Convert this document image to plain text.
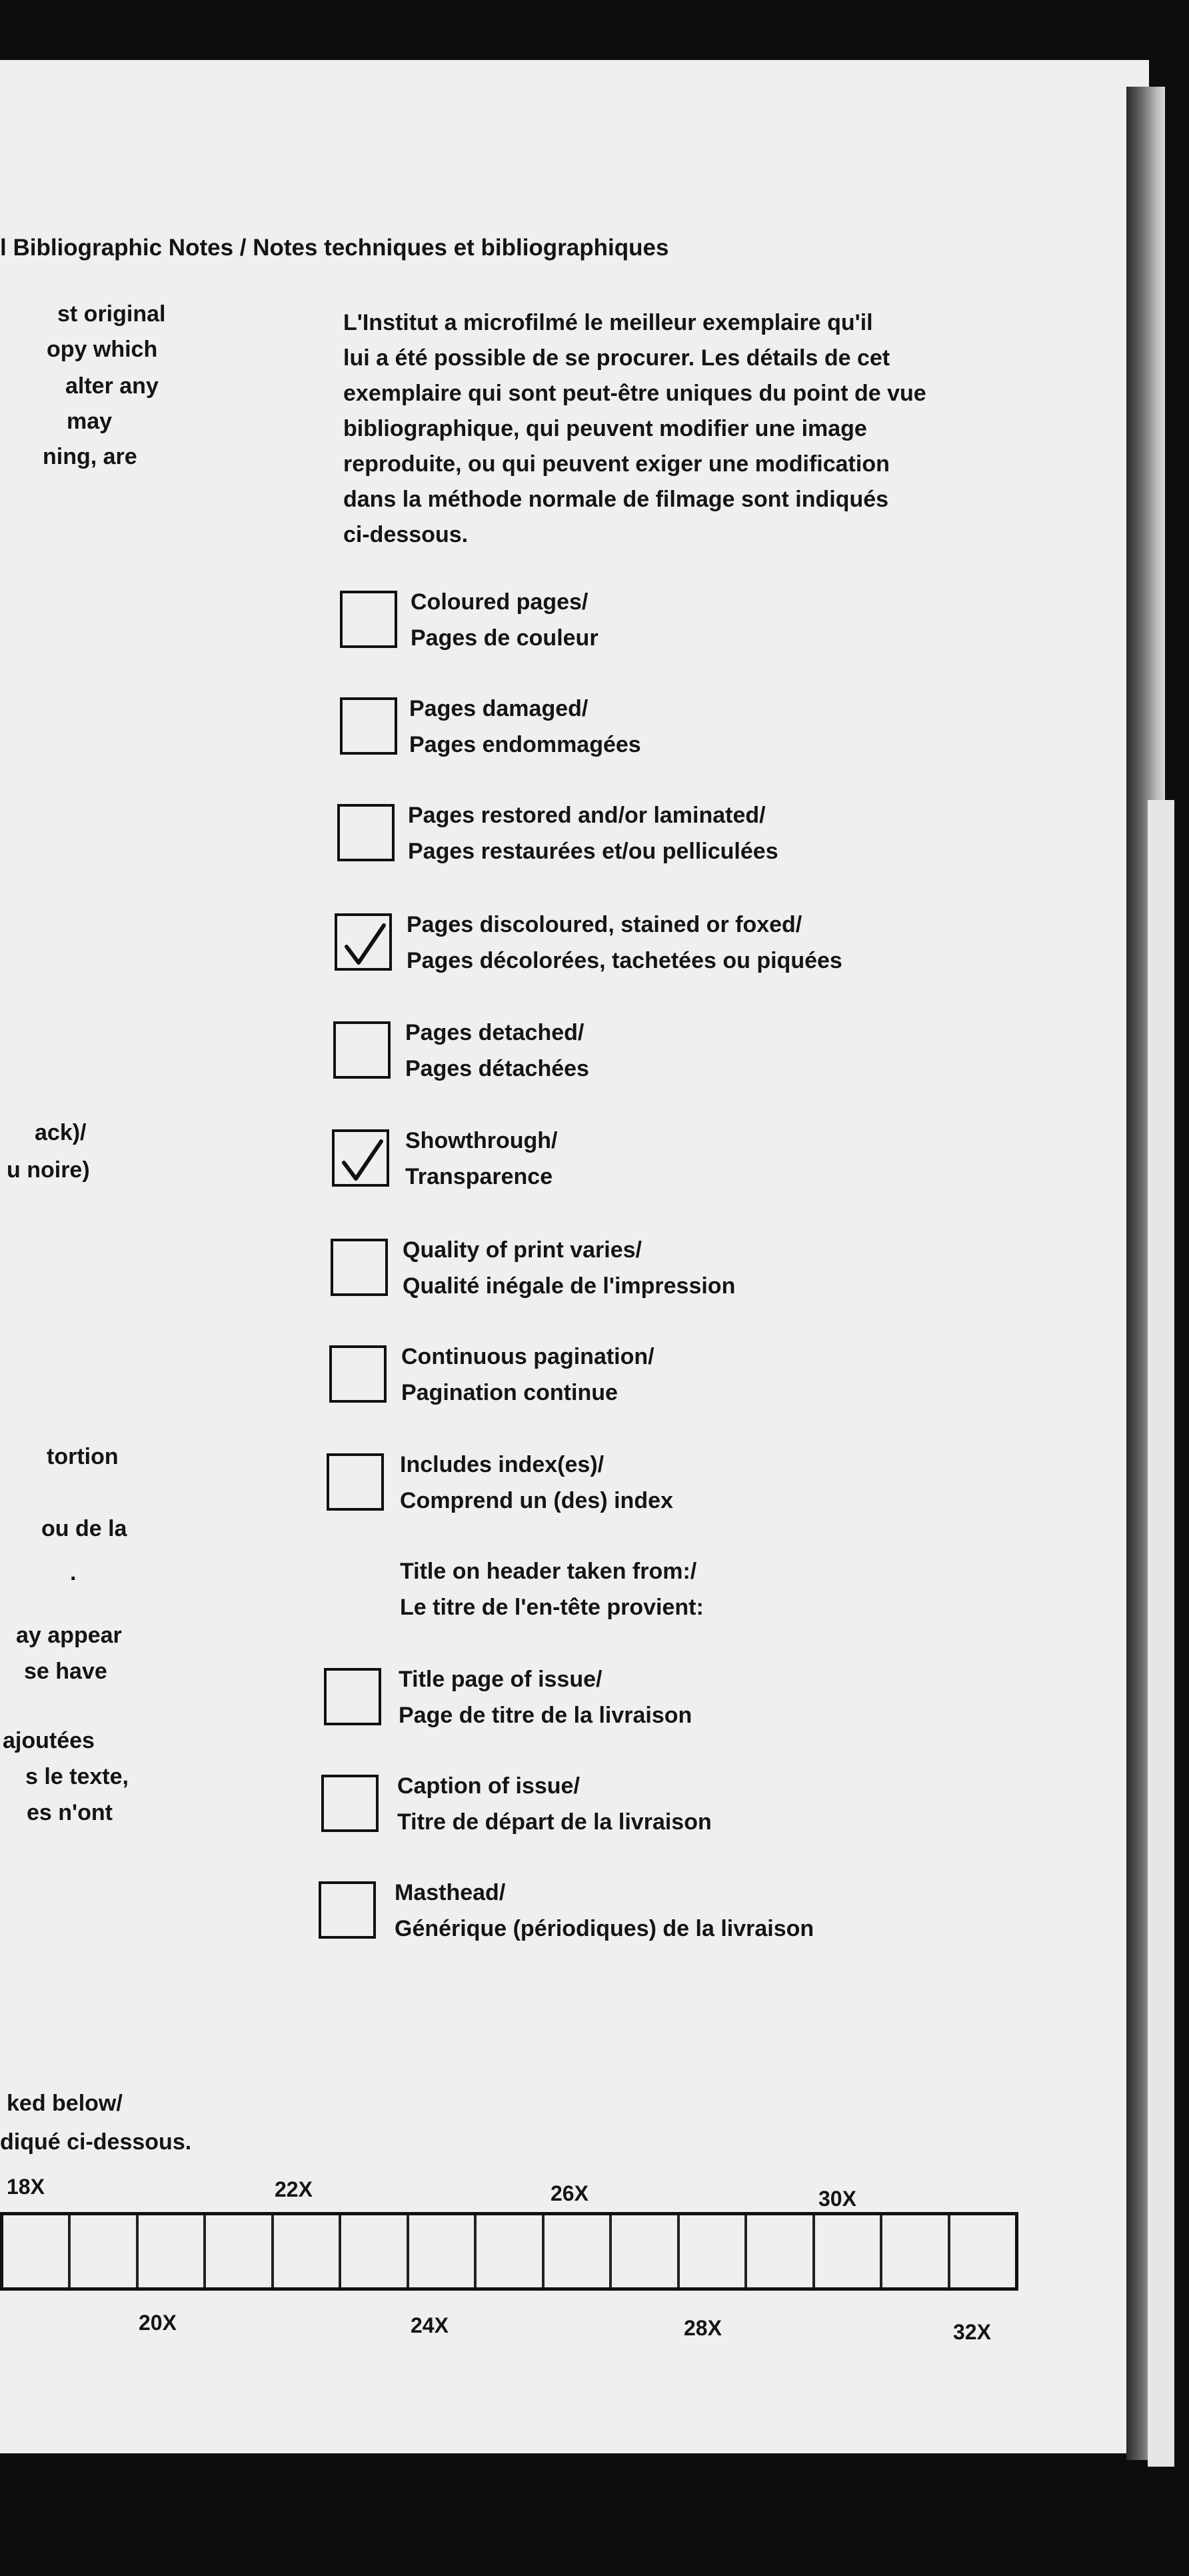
l Bibliographic Notes / Notes techniques et bibliographiques
st original
opy which
alter any
may
ning, are
ack)/
u noire)
tortion
ou de la
.
ay appear
se have
ajoutées
s le texte,
es n'ont
ked below/
diqué ci-dessous.
L'Institut a microfilmé le meilleur exemplaire qu'il
lui a été possible de se procurer. Les détails de cet
exemplaire qui sont peut-être uniques du point de vue
bibliographique, qui peuvent modifier une image
reproduite, ou qui peuvent exiger une modification
dans la méthode normale de filmage sont indiqués
ci-dessous.
Coloured pages/
Pages de couleur
Pages damaged/
Pages endommagées
Pages restored and/or laminated/
Pages restaurées et/ou pelliculées
Pages discoloured, stained or foxed/
Pages décolorées, tachetées ou piquées
Pages detached/
Pages détachées
Showthrough/
Transparence
Quality of print varies/
Qualité inégale de l'impression
Continuous pagination/
Pagination continue
Includes index(es)/
Comprend un (des) index
Title page of issue/
Page de titre de la livraison
Caption of issue/
Titre de départ de la livraison
Masthead/
Générique (périodiques) de la livraison
Title on header taken from:/
Le titre de l'en-tête provient:
18X	22X	26X	30X
20X	24X	28X	32X
